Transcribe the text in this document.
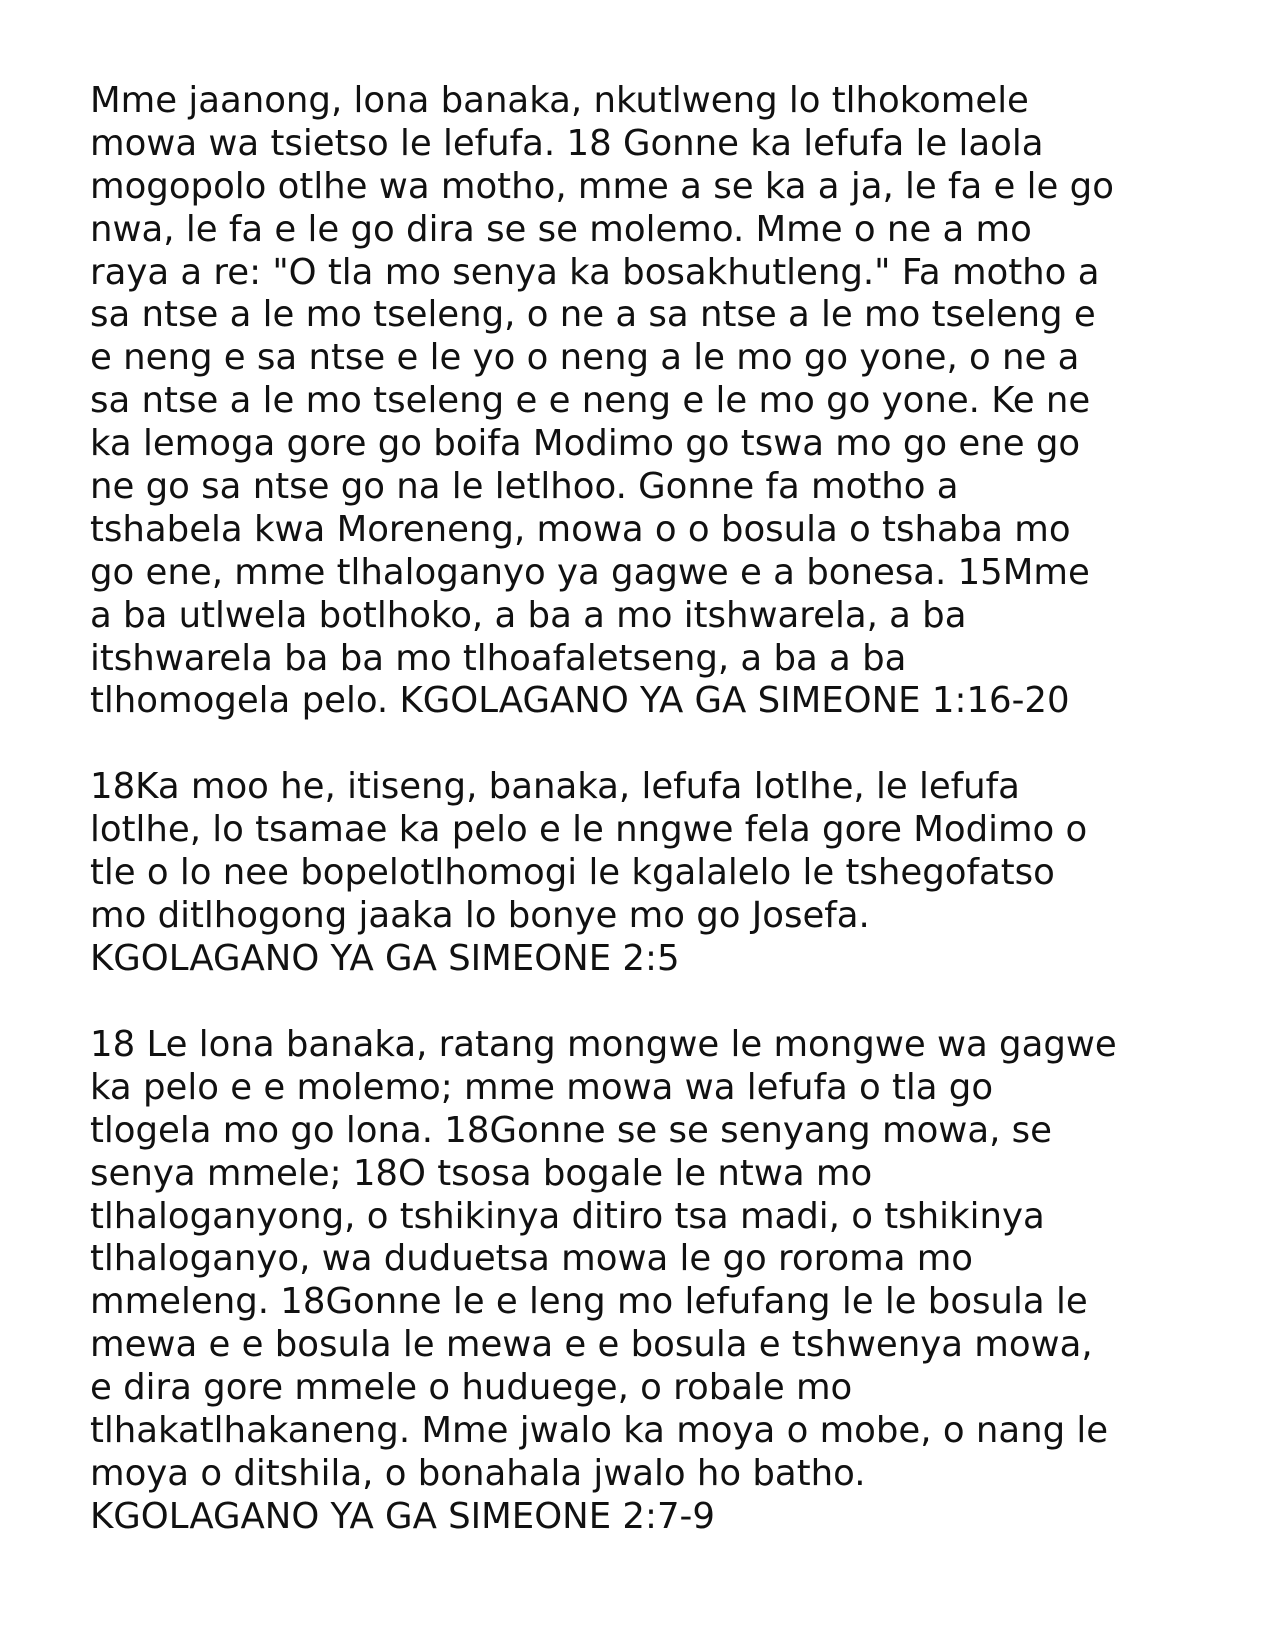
Mme jaanong, lona banaka, nkutlweng lo tlhokomele
mowa wa tsietso le lefufa. 18 Gonne ka lefufa le laola
mogopolo otlhe wa motho, mme a se ka a ja, le fa e le go
nwa, le fa e le go dira se se molemo. Mme o ne a mo
raya a re: "O tla mo senya ka bosakhutleng." Fa motho a
sa ntse a le mo tseleng, o ne a sa ntse a le mo tseleng e
e neng e sa ntse e le yo o neng a le mo go yone, o ne a
sa ntse a le mo tseleng e e neng e le mo go yone. Ke ne
ka lemoga gore go boifa Modimo go tswa mo go ene go
ne go sa ntse go na le letlhoo. Gonne fa motho a
tshabela kwa Moreneng, mowa o o bosula o tshaba mo
go ene, mme tlhaloganyo ya gagwe e a bonesa. 15Mme
a ba utlwela botlhoko, a ba a mo itshwarela, a ba
itshwarela ba ba mo tlhoafaletseng, a ba a ba
tlhomogela pelo. KGOLAGANO YA GA SIMEONE 1:16-20

18Ka moo he, itiseng, banaka, lefufa lotlhe, le lefufa
lotlhe, lo tsamae ka pelo e le nngwe fela gore Modimo o
tle o lo nee bopelotlhomogi le kgalalelo le tshegofatso
mo ditlhogong jaaka lo bonye mo go Josefa.
KGOLAGANO YA GA SIMEONE 2:5

18 Le lona banaka, ratang mongwe le mongwe wa gagwe
ka pelo e e molemo; mme mowa wa lefufa o tla go
tlogela mo go lona. 18Gonne se se senyang mowa, se
senya mmele; 18O tsosa bogale le ntwa mo
tlhaloganyong, o tshikinya ditiro tsa madi, o tshikinya
tlhaloganyo, wa duduetsa mowa le go roroma mo
mmeleng. 18Gonne le e leng mo lefufang le le bosula le
mewa e e bosula le mewa e e bosula e tshwenya mowa,
e dira gore mmele o huduege, o robale mo
tlhakatlhakaneng. Mme jwalo ka moya o mobe, o nang le
moya o ditshila, o bonahala jwalo ho batho.
KGOLAGANO YA GA SIMEONE 2:7-9
